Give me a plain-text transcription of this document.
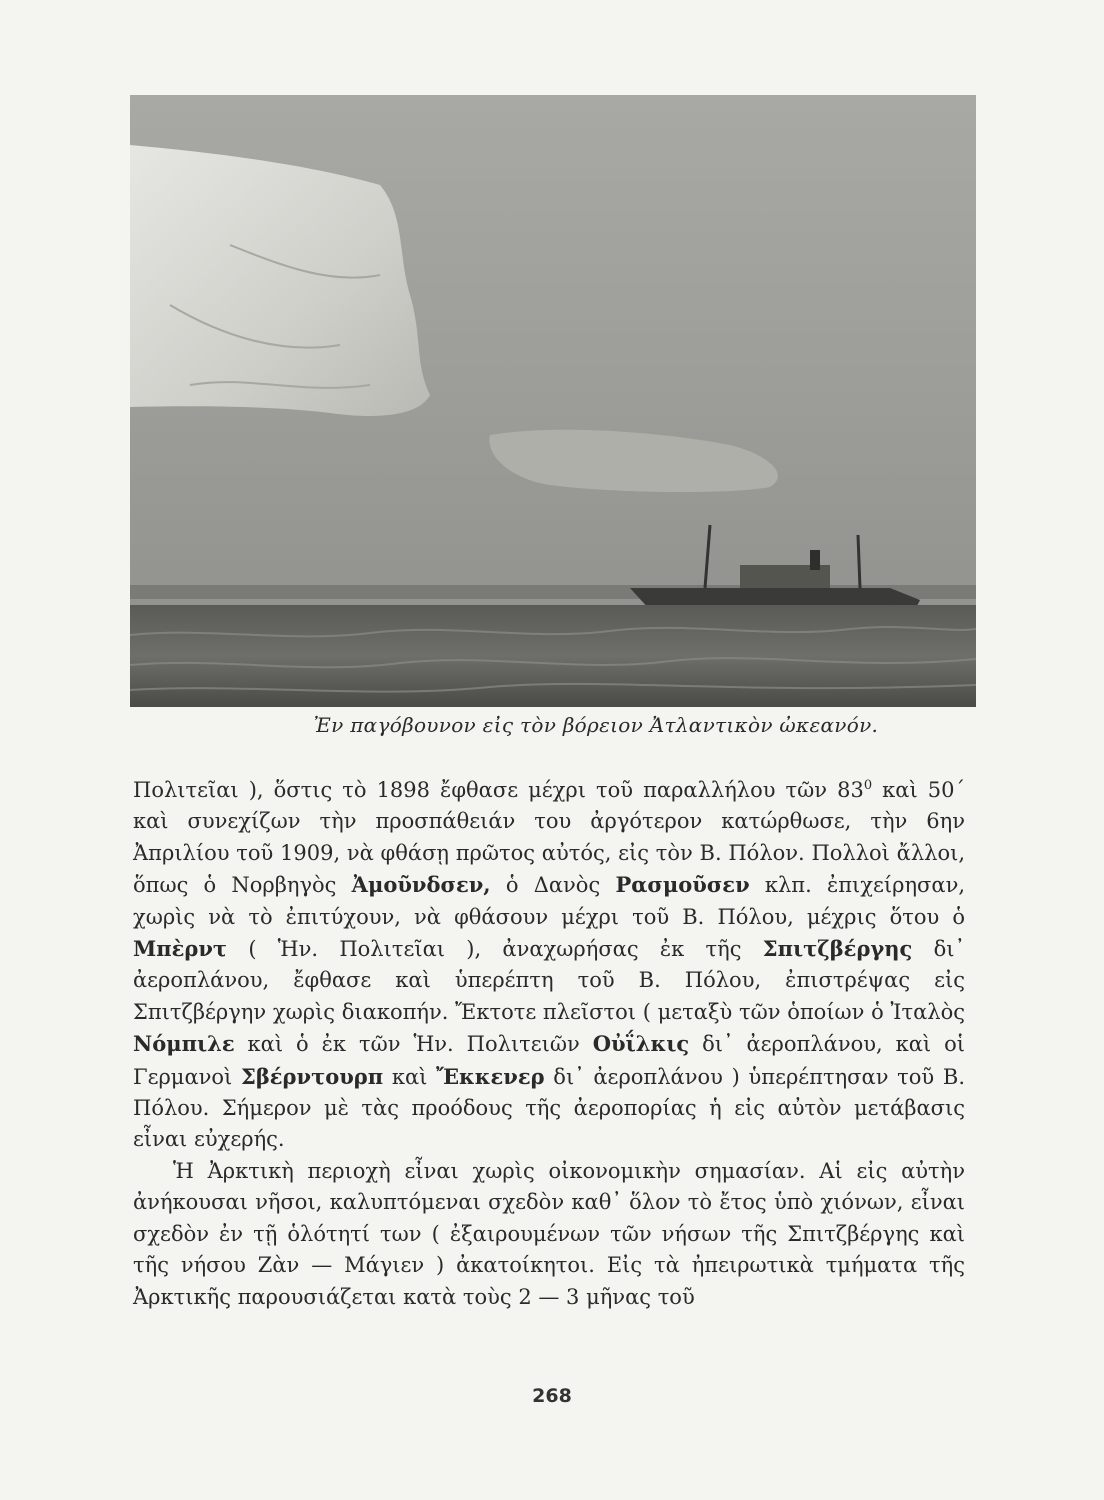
Ἐν παγόβουνον εἰς τὸν βόρειον Ἀτλαντικὸν ὠκεανόν.

Πολιτεῖαι ), ὅστις τὸ 1898 ἔφθασε μέχρι τοῦ παραλλήλου τῶν $83^0$ καὶ 50΄ καὶ συνεχίζων τὴν προσπάθειάν του ἀργότερον κατώρθωσε, τὴν 6ην Ἀπριλίου τοῦ 1909, νὰ φθάσῃ πρῶτος αὐτός, εἰς τὸν Β. Πόλον. Πολλοὶ ἄλλοι, ὅπως ὁ Νορβηγὸς Ἀμοῦνδσεν, ὁ Δανὸς Ρασμοῦσεν κλπ. ἐπιχείρησαν, χωρὶς νὰ τὸ ἐπιτύχουν, νὰ φθάσουν μέχρι τοῦ Β. Πόλου, μέχρις ὅτου ὁ Μπὲρντ ( Ἡν. Πολιτεῖαι ), ἀναχωρήσας ἐκ τῆς Σπιτζβέργης δι᾽ ἀεροπλάνου, ἔφθασε καὶ ὑπερέπτη τοῦ Β. Πόλου, ἐπιστρέψας εἰς Σπιτζβέργην χωρὶς διακοπήν. Ἔκτοτε πλεῖστοι ( μεταξὺ τῶν ὁποίων ὁ Ἰταλὸς Νόμπιλε καὶ ὁ ἐκ τῶν Ἡν. Πολιτειῶν Οὐΐλκις δι᾽ ἀεροπλάνου, καὶ οἱ Γερμανοὶ Σβέρντουρπ καὶ Ἔκκενερ δι᾽ ἀεροπλάνου ) ὑπερέπτησαν τοῦ Β. Πόλου. Σήμερον μὲ τὰς προόδους τῆς ἀεροπορίας ἡ εἰς αὐτὸν μετάβασις εἶναι εὐχερής.

Ἡ Ἀρκτικὴ περιοχὴ εἶναι χωρὶς οἰκονομικὴν σημασίαν. Αἱ εἰς αὐτὴν ἀνήκουσαι νῆσοι, καλυπτόμεναι σχεδὸν καθ᾽ ὅλον τὸ ἔτος ὑπὸ χιόνων, εἶναι σχεδὸν ἐν τῇ ὁλότητί των ( ἐξαιρουμένων τῶν νήσων τῆς Σπιτζβέργης καὶ τῆς νήσου Ζὰν — Μάγιεν ) ἀκατοίκητοι. Εἰς τὰ ἠπειρωτικὰ τμήματα τῆς Ἀρκτικῆς παρουσιάζεται κατὰ τοὺς 2 — 3 μῆνας τοῦ

268
